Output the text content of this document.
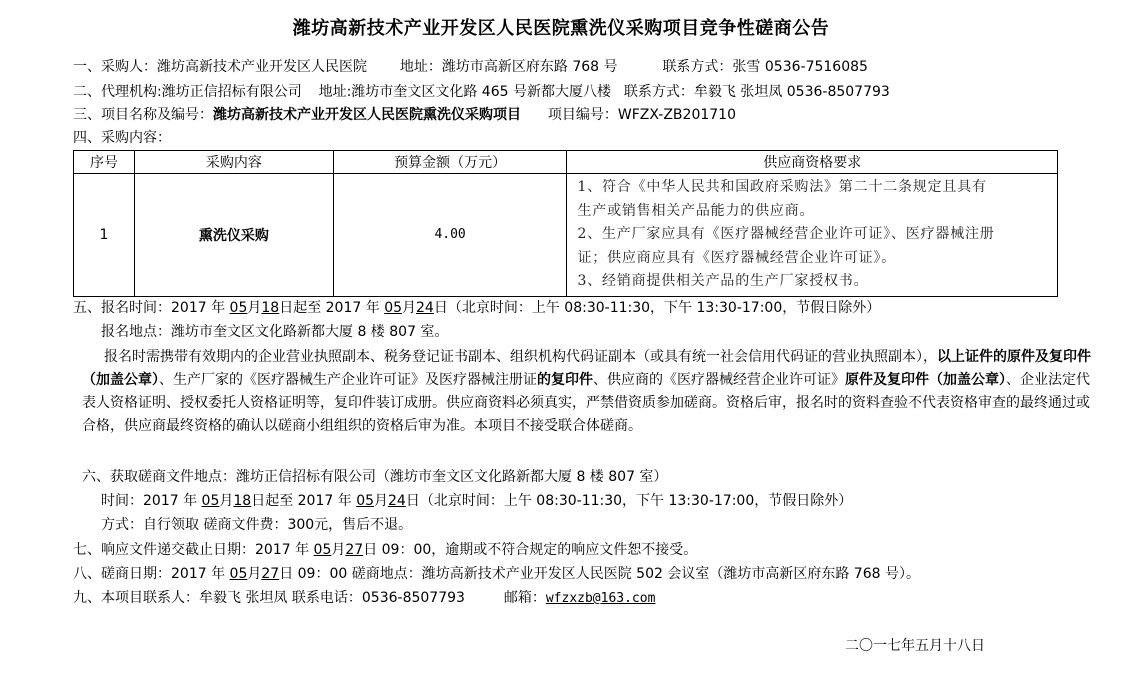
潍坊高新技术产业开发区人民医院熏洗仪采购项目竞争性磋商公告
一、采购人：潍坊高新技术产业开发区人民医院 地址：潍坊市高新区府东路 768 号	联系方式：张雪 0536-7516085
二、代理机构:潍坊正信招标有限公司 地址:潍坊市奎文区文化路 465 号新都大厦八楼 联系方式：牟毅飞 张坦凤 0536-8507793
三、项目名称及编号：潍坊高新技术产业开发区人民医院熏洗仪采购项目 项目编号：WFZX-ZB201710
四、采购内容：
序号	采购内容	预算金额（万元）	供应商资格要求
1	熏洗仪采购	4.00	1、符合《中华人民共和国政府采购法》第二十二条规定且具有
生产或销售相关产品能力的供应商。
2、生产厂家应具有《医疗器械经营企业许可证》、医疗器械注册
证；供应商应具有《医疗器械经营企业许可证》。
3、经销商提供相关产品的生产厂家授权书。
五、报名时间：2017 年 05月18日起至 2017 年 05月24日（北京时间：上午 08:30-11:30，下午 13:30-17:00，节假日除外）
报名地点：潍坊市奎文区文化路新都大厦 8 楼 807 室。
报名时需携带有效期内的企业营业执照副本、税务登记证书副本、组织机构代码证副本（或具有统一社会信用代码证的营业执照副本），以上证件的原件及复印件（加盖公章）、生产厂家的《医疗器械生产企业许可证》及医疗器械注册证的复印件、供应商的《医疗器械经营企业许可证》原件及复印件（加盖公章）、企业法定代表人资格证明、授权委托人资格证明等，复印件装订成册。供应商资料必须真实，严禁借资质参加磋商。资格后审，报名时的资料查验不代表资格审查的最终通过或合格，供应商最终资格的确认以磋商小组组织的资格后审为准。本项目不接受联合体磋商。
六、获取磋商文件地点：潍坊正信招标有限公司（潍坊市奎文区文化路新都大厦 8 楼 807 室）
时间：2017 年 05月18日起至 2017 年 05月24日（北京时间：上午 08:30-11:30，下午 13:30-17:00，节假日除外）
方式：自行领取 磋商文件费：300元，售后不退。
七、响应文件递交截止日期：2017 年 05月27日 09：00，逾期或不符合规定的响应文件恕不接受。
八、磋商日期：2017 年 05月27日 09：00 磋商地点：潍坊高新技术产业开发区人民医院 502 会议室（潍坊市高新区府东路 768 号）。
九、本项目联系人：牟毅飞 张坦凤 联系电话：0536-8507793	邮箱：wfzxzb@163.com
二〇一七年五月十八日
